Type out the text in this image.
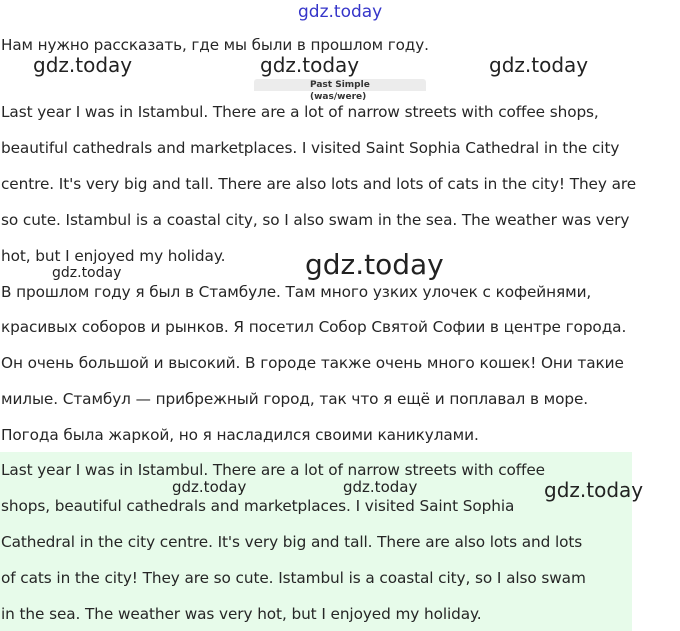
gdz.today
Нам нужно рассказать, где мы были в прошлом году.
gdz.today	gdz.today	gdz.today
Past Simple (was/were)
Last year I was in Istambul. There are a lot of narrow streets with coffee shops,
beautiful cathedrals and marketplaces. I visited Saint Sophia Cathedral in the city
centre. It's very big and tall. There are also lots and lots of cats in the city! They are
so cute. Istambul is a coastal city, so I also swam in the sea. The weather was very
hot, but I enjoyed my holiday.
gdz.today	gdz.today
В прошлом году я был в Стамбуле. Там много узких улочек с кофейнями,
красивых соборов и рынков. Я посетил Собор Святой Софии в центре города.
Он очень большой и высокий. В городе также очень много кошек! Они такие
милые. Стамбул — прибрежный город, так что я ещё и поплавал в море.
Погода была жаркой, но я насладился своими каникулами.
Last year I was in Istambul. There are a lot of narrow streets with coffee
shops, beautiful cathedrals and marketplaces. I visited Saint Sophia
Cathedral in the city centre. It's very big and tall. There are also lots and lots
of cats in the city! They are so cute. Istambul is a coastal city, so I also swam
in the sea. The weather was very hot, but I enjoyed my holiday.
gdz.today	gdz.today	gdz.today
